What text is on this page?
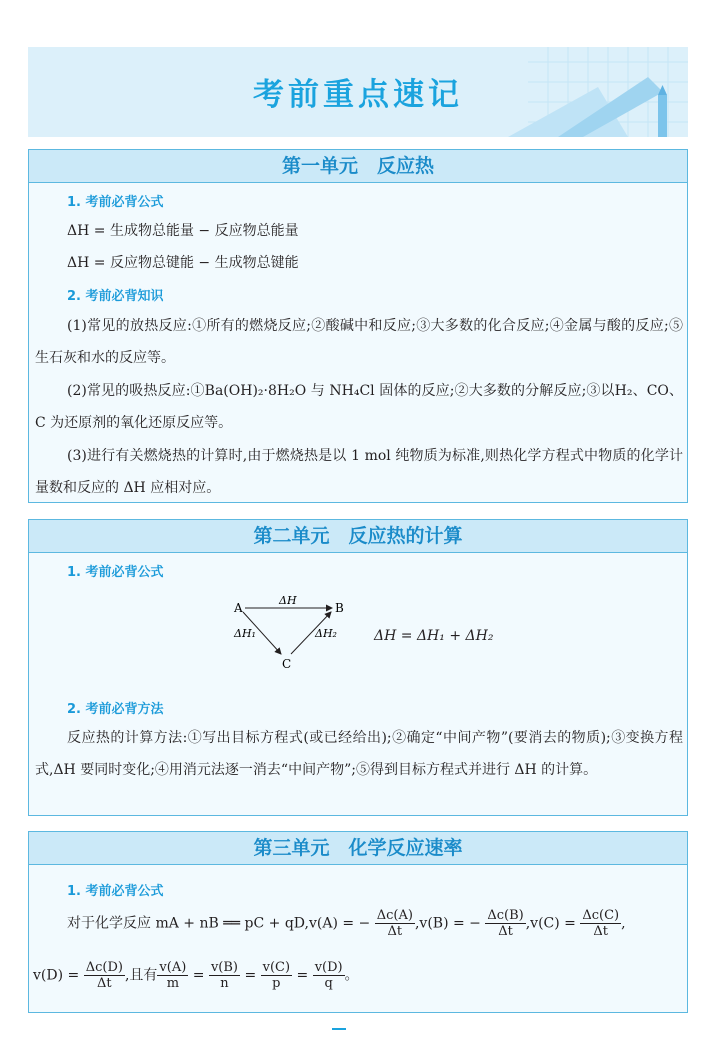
考前重点速记
第一单元　反应热
1. 考前必背公式
ΔH = 生成物总能量 − 反应物总能量
ΔH = 反应物总键能 − 生成物总键能
2. 考前必背知识

(1)常见的放热反应:①所有的燃烧反应;②酸碱中和反应;③大多数的化合反应;④金属与酸的反应;⑤生石灰和水的反应等。

(2)常见的吸热反应:①Ba(OH)₂·8H₂O 与 NH₄Cl 固体的反应;②大多数的分解反应;③以H₂、CO、C 为还原剂的氧化还原反应等。

(3)进行有关燃烧热的计算时,由于燃烧热是以 1 mol 纯物质为标准,则热化学方程式中物质的化学计量数和反应的 ΔH 应相对应。

第二单元　反应热的计算
1. 考前必背公式
A	B
C
ΔH
ΔH₁	ΔH₂	ΔH = ΔH₁ + ΔH₂
2. 考前必背方法

反应热的计算方法:①写出目标方程式(或已经给出);②确定“中间产物”(要消去的物质);③变换方程式,ΔH 要同时变化;④用消元法逐一消去“中间产物”;⑤得到目标方程式并进行 ΔH 的计算。

第三单元　化学反应速率
1. 考前必背公式
对于化学反应 mA + nB ══ pC + qD,v(A) = − $\frac{\Delta c(A)}{\Delta t} ,v(B)$ = − $\frac{\Delta c(B)}{\Delta t} ,v(C) = \frac{\Delta c(C)}{\Delta t}$ ,
$v(D) = \frac{\Delta c(D)}{\Delta t}$ ,且有 $\frac{v(A)}{m} = \frac{v(B)}{n} = \frac{v(C)}{p} = \frac{v(D)}{q}$ 。
